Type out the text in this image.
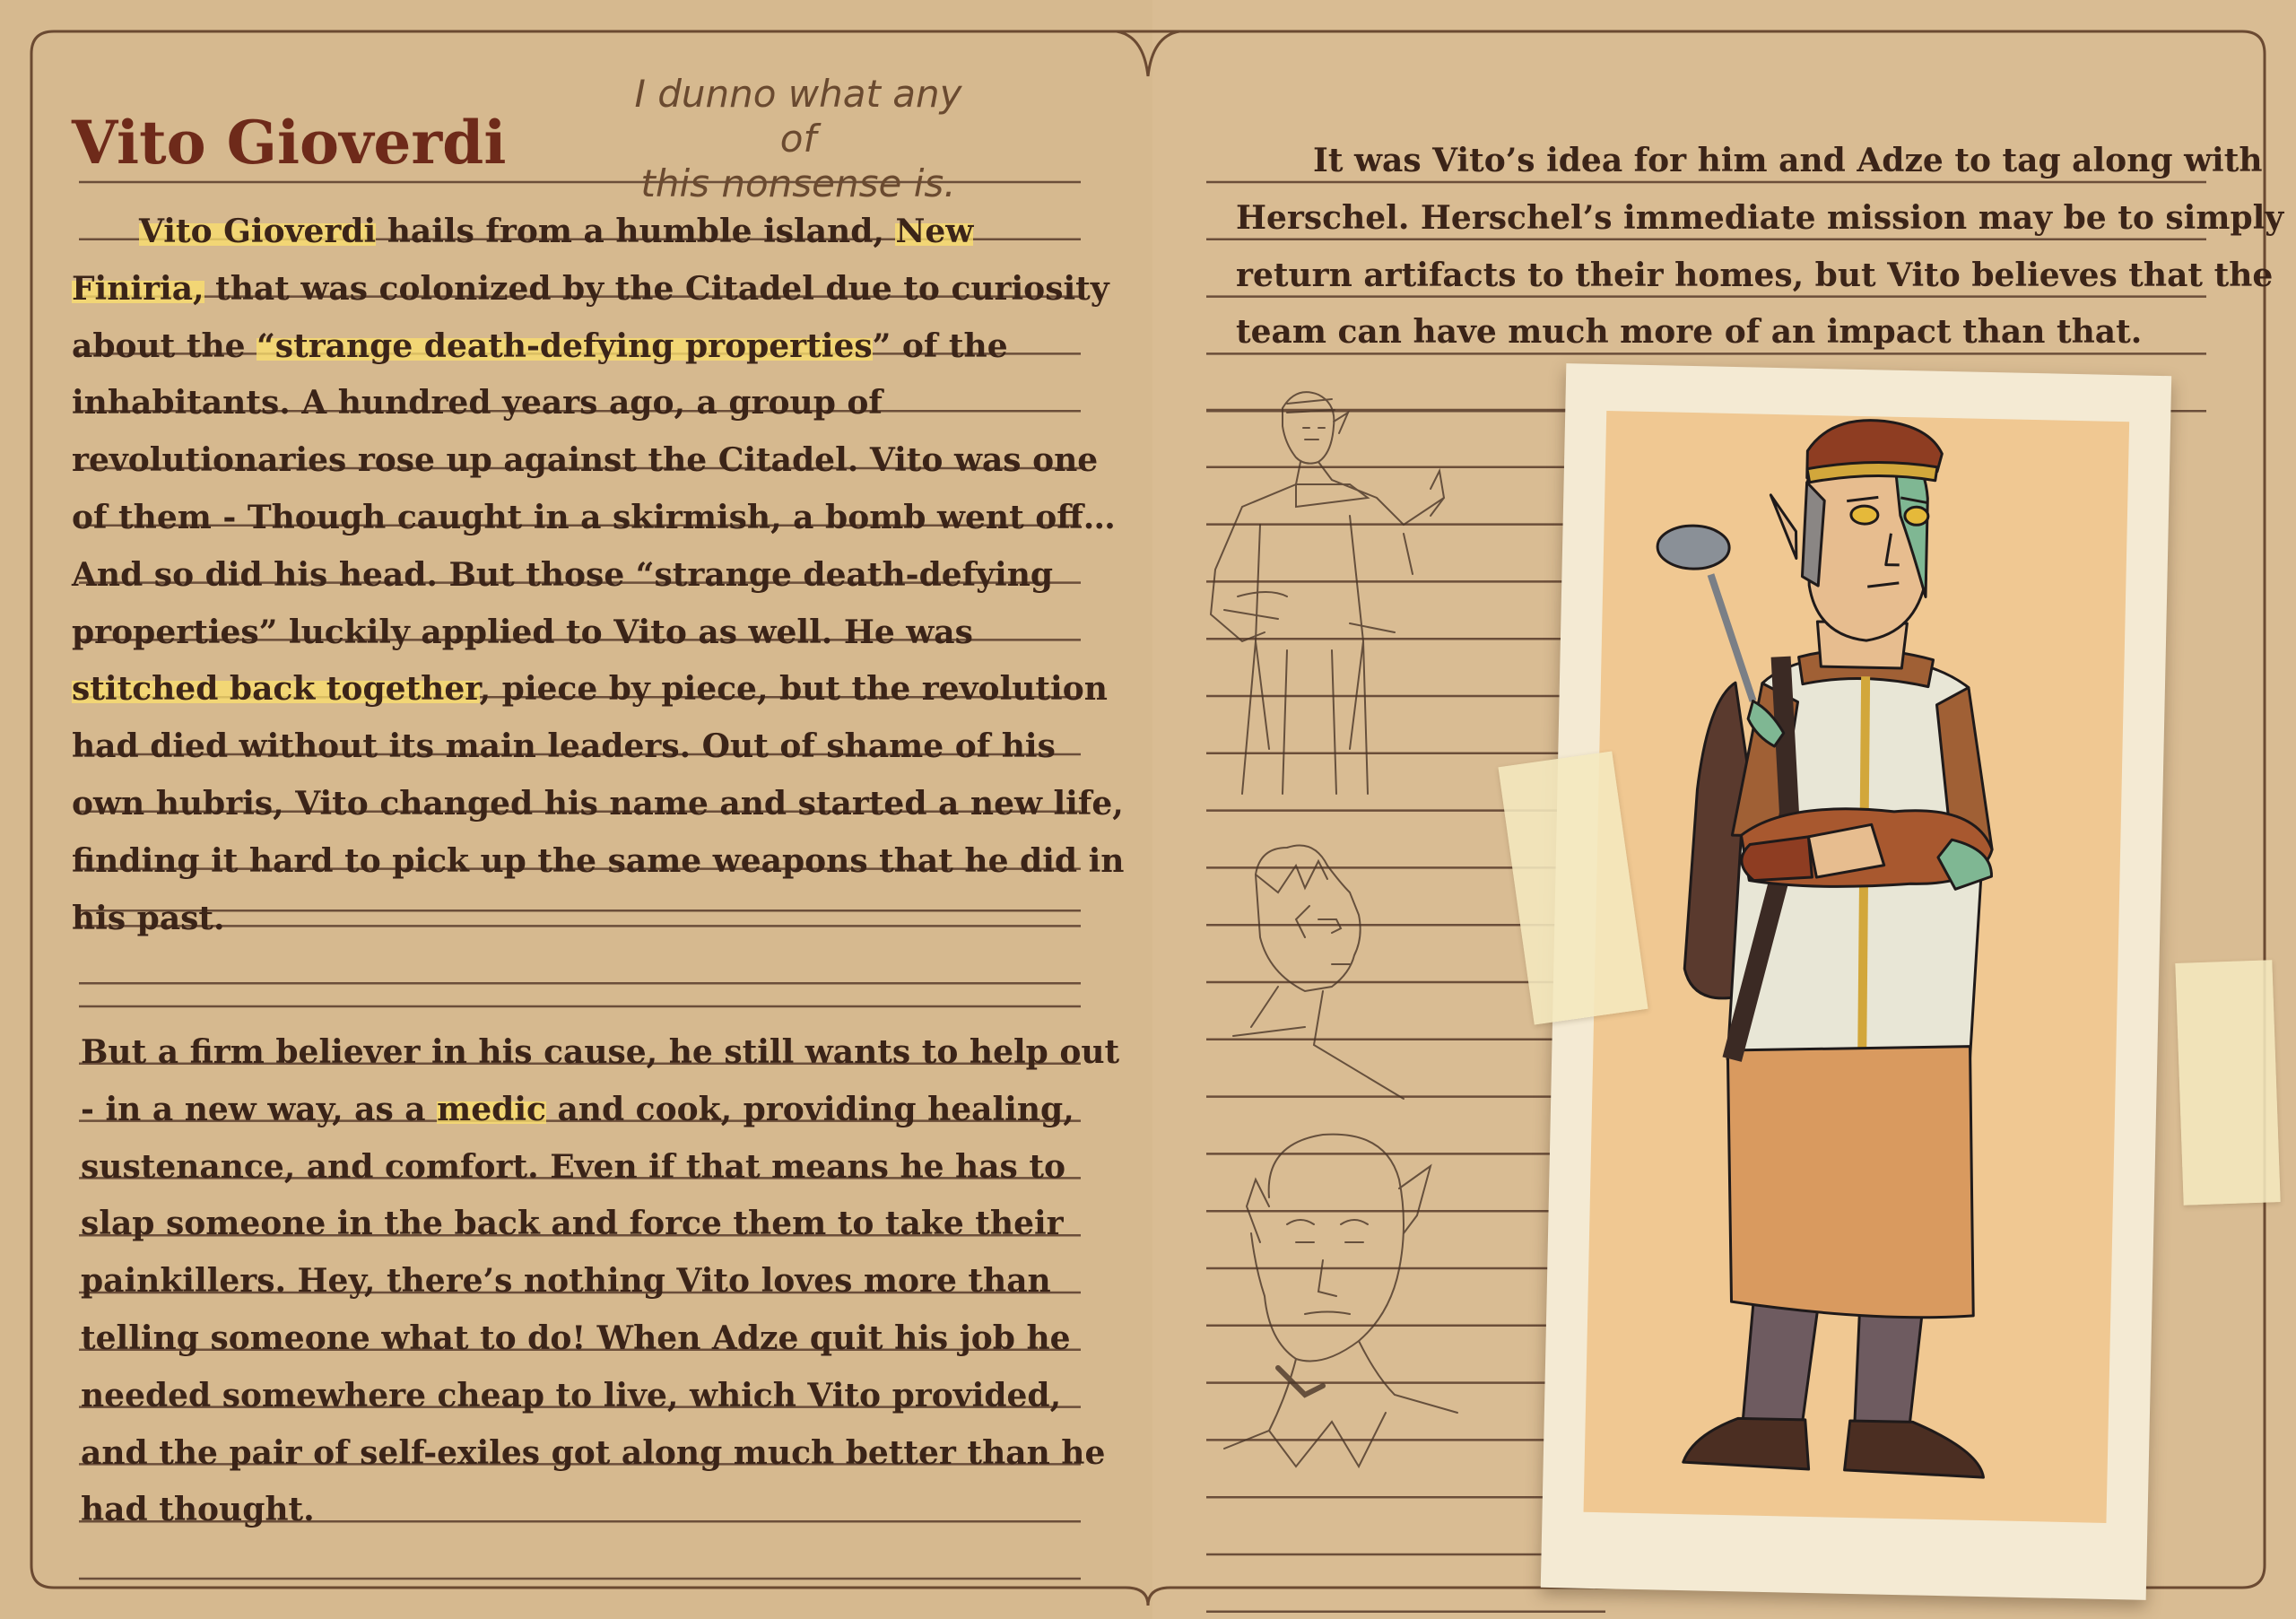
Vito Gioverdi
I dunno what any of
this nonsense is.
Vito Gioverdi hails from a humble island, New
Finiria, that was colonized by the Citadel due to curiosity
about the “strange death-defying properties” of the
inhabitants. A hundred years ago, a group of
revolutionaries rose up against the Citadel. Vito was one
of them - Though caught in a skirmish, a bomb went off…
And so did his head. But those “strange death-defying
properties” luckily applied to Vito as well. He was
stitched back together, piece by piece, but the revolution
had died without its main leaders. Out of shame of his
own hubris, Vito changed his name and started a new life,
finding it hard to pick up the same weapons that he did in
his past.
But a firm believer in his cause, he still wants to help out
- in a new way, as a medic and cook, providing healing,
sustenance, and comfort. Even if that means he has to
slap someone in the back and force them to take their
painkillers. Hey, there’s nothing Vito loves more than
telling someone what to do! When Adze quit his job he
needed somewhere cheap to live, which Vito provided,
and the pair of self-exiles got along much better than he
had thought.
It was Vito’s idea for him and Adze to tag along with
Herschel. Herschel’s immediate mission may be to simply
return artifacts to their homes, but Vito believes that the
team can have much more of an impact than that.
